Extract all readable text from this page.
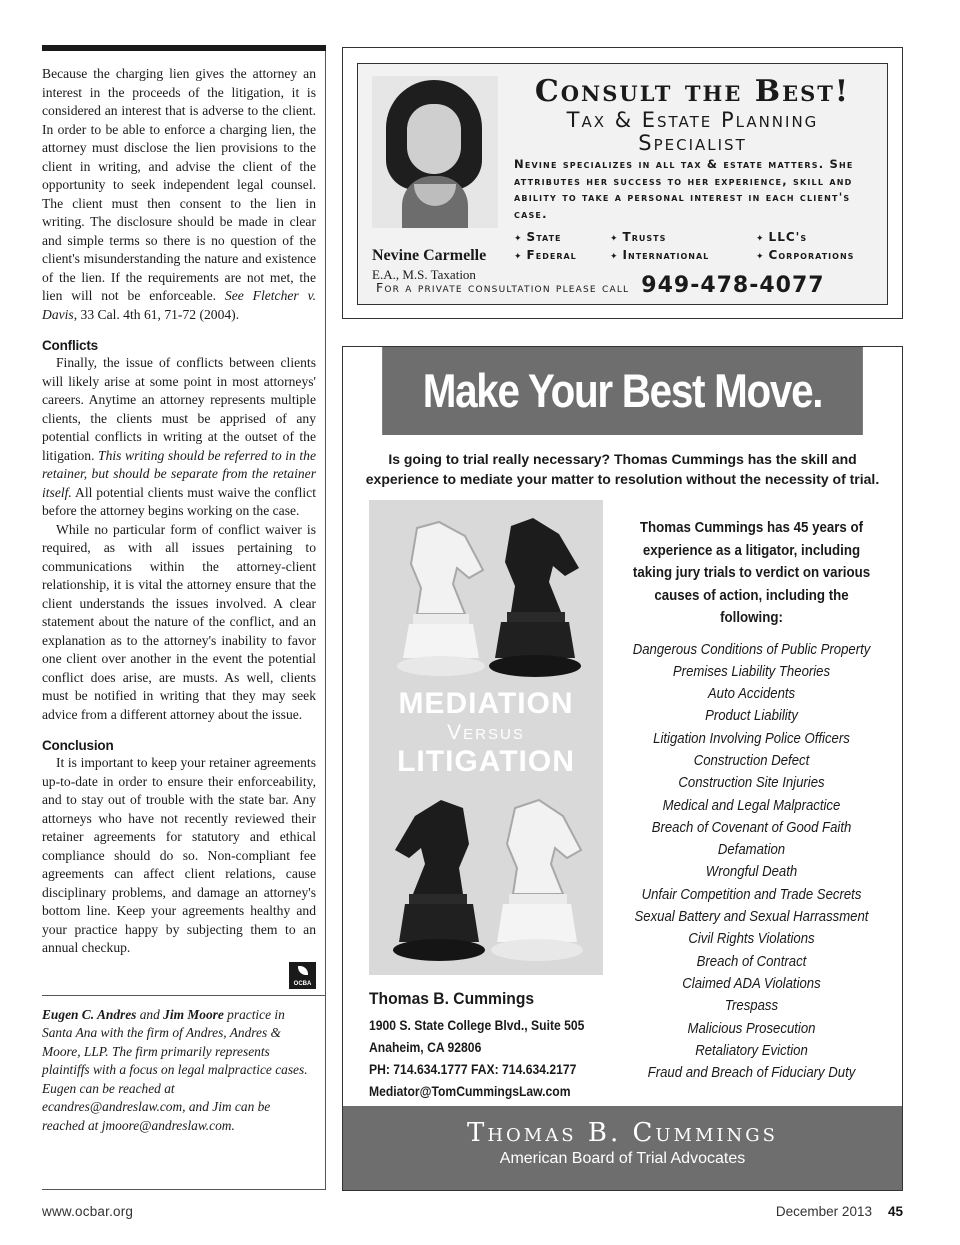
Because the charging lien gives the attorney an interest in the proceeds of the litigation, it is considered an interest that is adverse to the client. In order to be able to enforce a charging lien, the attorney must disclose the lien provisions to the client in writing, and advise the client of the opportunity to seek independent legal counsel. The client must then consent to the lien in writing. The disclosure should be made in clear and simple terms so there is no question of the client's misunderstanding the nature and existence of the lien. If the requirements are not met, the lien will not be enforceable. See Fletcher v. Davis, 33 Cal. 4th 61, 71-72 (2004).

Conflicts

Finally, the issue of conflicts between clients will likely arise at some point in most attorneys' careers. Anytime an attorney represents multiple clients, the clients must be apprised of any potential conflicts in writing at the outset of the litigation. This writing should be referred to in the retainer, but should be separate from the retainer itself. All potential clients must waive the conflict before the attorney begins working on the case.

While no particular form of conflict waiver is required, as with all issues pertaining to communications within the attorney-client relationship, it is vital the attorney ensure that the client understands the issues involved. A clear statement about the nature of the conflict, and an explanation as to the attorney's inability to favor one client over another in the event the potential conflict does arise, are musts. As well, clients must be notified in writing that they may seek advice from a different attorney about the issue.

Conclusion

It is important to keep your retainer agreements up-to-date in order to ensure their enforceability, and to stay out of trouble with the state bar. Any attorneys who have not recently reviewed their retainer agreements for statutory and ethical compliance should do so. Non-compliant fee agreements can affect client relations, cause disciplinary problems, and damage an attorney's bottom line. Keep your agreements healthy and your practice happy by subjecting them to an annual checkup.

OCBA
Eugen C. Andres and Jim Moore practice in Santa Ana with the firm of Andres, Andres & Moore, LLP. The firm primarily represents plaintiffs with a focus on legal malpractice cases. Eugen can be reached at ecandres@andreslaw.com, and Jim can be reached at jmoore@andreslaw.com.
Nevine Carmelle
E.A., M.S. Taxation
Consult the Best!
Tax & Estate Planning
Specialist
Nevine specializes in all tax & estate matters. She attributes her success to her experience, skill and ability to take a personal interest in each client's case.
✦ State	✦ Trusts	✦ LLC's
✦ Federal	✦ International	✦ Corporations
For a private consultation please call 949-478-4077
Make Your Best Move.
Is going to trial really necessary? Thomas Cummings has the skill and experience to mediate your matter to resolution without the necessity of trial.
MEDIATION
Versus
LITIGATION
Thomas B. Cummings
1900 S. State College Blvd., Suite 505
Anaheim, CA 92806
PH: 714.634.1777 FAX: 714.634.2177
Mediator@TomCummingsLaw.com
Thomas Cummings has 45 years of experience as a litigator, including taking jury trials to verdict on various causes of action, including the following:
Dangerous Conditions of Public Property
Premises Liability Theories
Auto Accidents
Product Liability
Litigation Involving Police Officers
Construction Defect
Construction Site Injuries
Medical and Legal Malpractice
Breach of Covenant of Good Faith
Defamation
Wrongful Death
Unfair Competition and Trade Secrets
Sexual Battery and Sexual Harrassment
Civil Rights Violations
Breach of Contract
Claimed ADA Violations
Trespass
Malicious Prosecution
Retaliatory Eviction
Fraud and Breach of Fiduciary Duty
Thomas B. Cummings
American Board of Trial Advocates
www.ocbar.org	December 2013 45
